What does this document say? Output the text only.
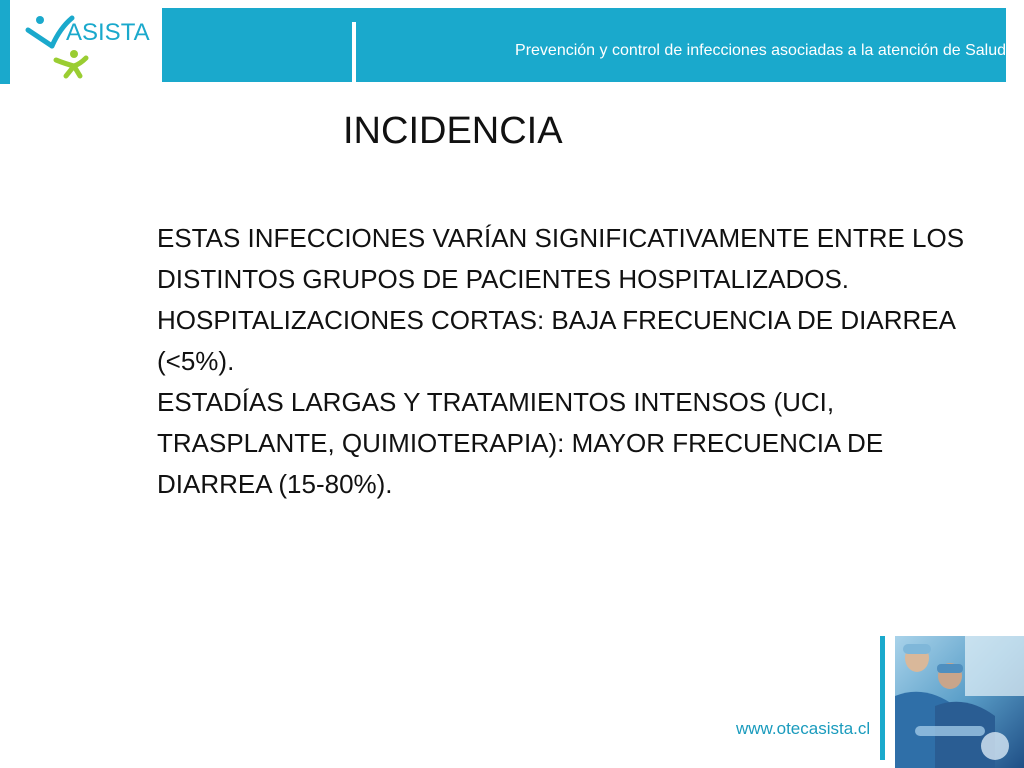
ASISTA
Prevención y control de infecciones asociadas a la atención de Salud
INCIDENCIA

ESTAS INFECCIONES VARÍAN SIGNIFICATIVAMENTE ENTRE LOS DISTINTOS GRUPOS DE PACIENTES HOSPITALIZADOS.

HOSPITALIZACIONES CORTAS: BAJA FRECUENCIA DE DIARREA (<5%).

ESTADÍAS LARGAS Y TRATAMIENTOS INTENSOS (UCI, TRASPLANTE, QUIMIOTERAPIA): MAYOR FRECUENCIA DE DIARREA (15-80%).

www.otecasista.cl
